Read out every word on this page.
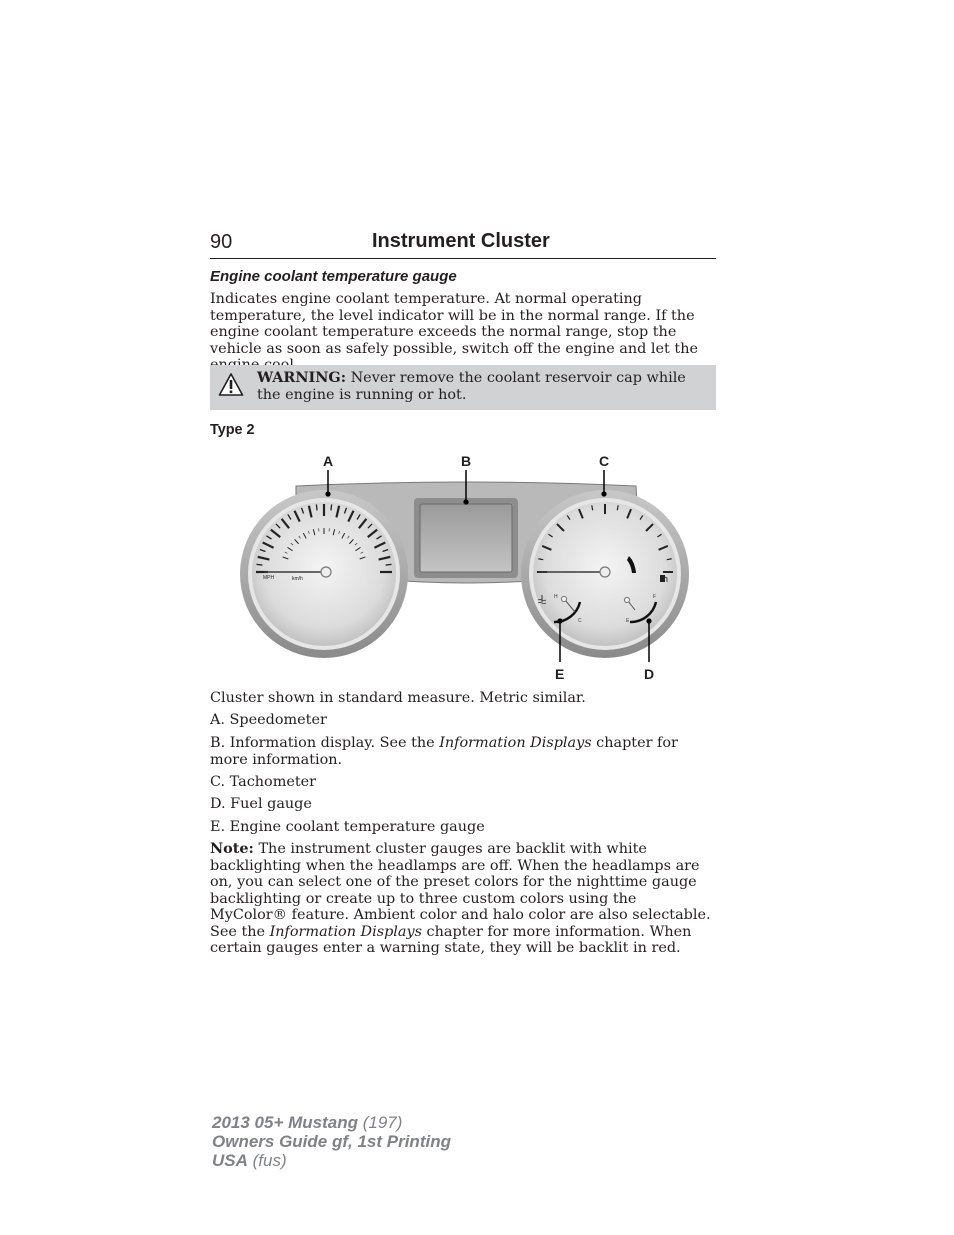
90	Instrument Cluster
Engine coolant temperature gauge

Indicates engine coolant temperature. At normal operating temperature, the level indicator will be in the normal range. If the engine coolant temperature exceeds the normal range, stop the vehicle as soon as safely possible, switch off the engine and let the

WARNING: Never remove the coolant reservoir cap while the engine is running or hot.
Type 2
MPH	km/h
H
C
F
E
A	B	C
E	D

Cluster shown in standard measure. Metric similar.

A. Speedometer

B. Information display. See the Information Displays chapter for more information.

C. Tachometer

D. Fuel gauge

E. Engine coolant temperature gauge

Note: The instrument cluster gauges are backlit with white backlighting when the headlamps are off. When the headlamps are on, you can select one of the preset colors for the nighttime gauge backlighting or create up to three custom colors using the MyColor® feature. Ambient color and halo color are also selectable. See the Information Displays chapter for more information. When certain gauges enter a warning state, they will be backlit in red.

2013 05+ Mustang (197)
Owners Guide gf, 1st Printing
USA (fus)
